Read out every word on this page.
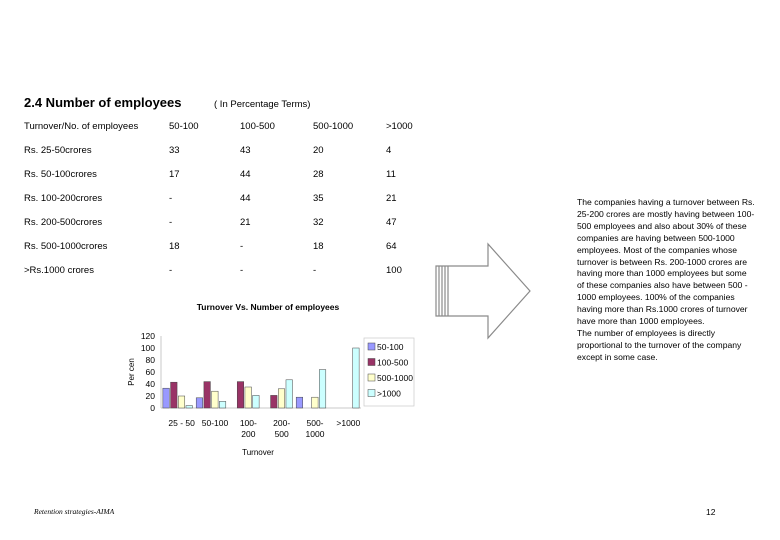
2.4 Number of employees	( In Percentage Terms)
Turnover/No. of employees	50-100	100-500	500-1000	>1000
Rs. 25-50crores	33	43	20	4
Rs. 50-100crores	17	44	28	11
Rs. 100-200crores	-	44	35	21
Rs. 200-500crores	-	21	32	47
Rs. 500-1000crores	18	-	18	64
>Rs.1000 crores	-	-	-	100
Turnover Vs. Number of employees
Per cen
Turnover
120
100
80
60
40
20
0
25 - 50 50-100 100-
200
200-
500
500-
1000
>1000
50-100
100-500
500-1000
>1000
The companies having a turnover between Rs. 25-200 crores are mostly having between 100-500 employees and also about 30% of these companies are having between 500-1000 employees. Most of the companies whose turnover is between Rs. 200-1000 crores are having more than 1000 employees but some of these companies also have between 500 - 1000 employees. 100% of the companies having more than Rs.1000 crores of turnover have more than 1000 employees.
The number of employees is directly proportional to the turnover of the company except in some case.
Retention strategies-AIMA	12
